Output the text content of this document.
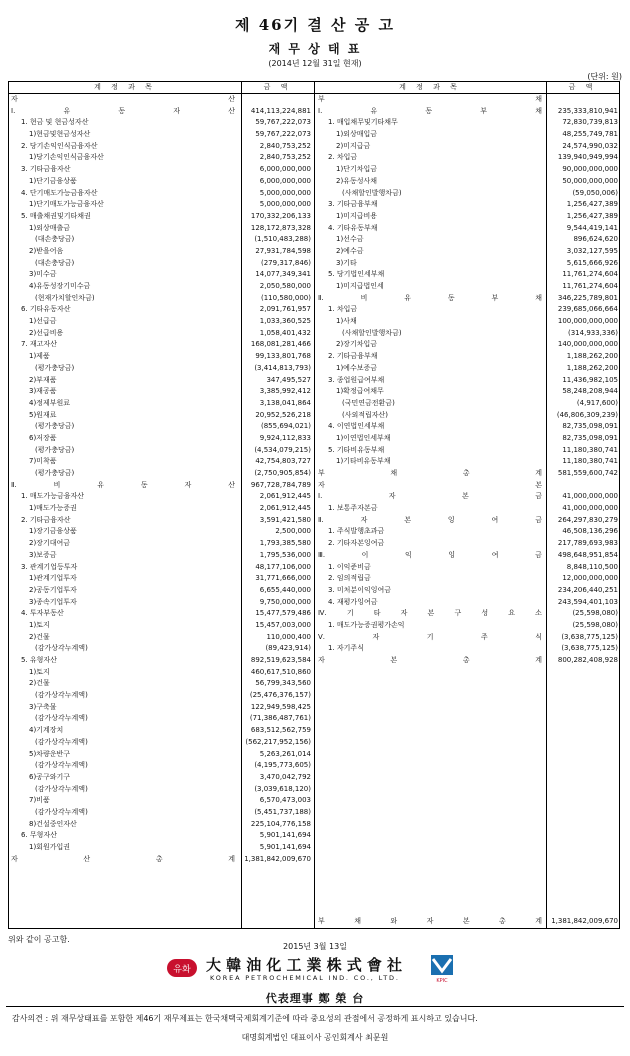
제 46기 결 산 공 고
재 무 상 태 표
(2014년 12월 31일 현재)
(단위: 원)
계 정 과 목	금 액	계 정 과 목	금 액
자	산
Ⅰ.	유	동	자	산 414,113,224,881
1. 현금 및 현금성자산	59,767,222,073
1)현금및현금성자산	59,767,222,073
2. 당기손익인식금융자산	2,840,753,252
1)당기손익인식금융자산	2,840,753,252
3. 기타금융자산	6,000,000,000
1)단기금융상품	6,000,000,000
4. 단기매도가능금융자산	5,000,000,000
1)단기매도가능금융자산	5,000,000,000
5. 매출채권및기타채권	170,332,206,133
1)외상매출금	128,172,873,328
(대손충당금)	(1,510,483,288)
2)받을어음	27,931,784,598
(대손충당금)	(279,317,846)
3)미수금	14,077,349,341
4)유동성장기미수금	2,050,580,000
(현재가치할인차금)	(110,580,000)
6. 기타유동자산	2,091,761,957
1)선급금	1,033,360,525
2)선급비용	1,058,401,432
7. 재고자산	168,081,281,466
1)제품	99,133,801,768
(평가충당금)	(3,414,813,793)
2)부재품	347,495,527
3)재공품	3,385,992,412
4)정제부원료	3,138,041,864
5)원재료	20,952,526,218
(평가충당금)	(855,694,021)
6)저장품	9,924,112,833
(평가충당금)	(4,534,079,215)
7)미착품	42,754,803,727
(평가충당금)	(2,750,905,854)
Ⅱ.	비	유	동	자	산 967,728,784,789
1. 매도가능금융자산	2,061,912,445
1)매도가능증권	2,061,912,445
2. 기타금융자산	3,591,421,580
1)장기금융상품	2,500,000
2)장기대여금	1,793,385,580
3)보증금	1,795,536,000
3. 관계기업등투자	48,177,106,000
1)관계기업투자	31,771,666,000
2)공동기업투자	6,655,440,000
3)종속기업투자	9,750,000,000
4. 투자부동산	15,477,579,486
1)토지	15,457,003,000
2)건물	110,000,400
(감가상각누계액)	(89,423,914)
5. 유형자산	892,519,623,584
1)토지	460,617,510,860
2)건물	56,799,343,560
(감가상각누계액)	(25,476,376,157)
3)구축물	122,949,598,425
(감가상각누계액)	(71,386,487,761)
4)기계장치	683,512,562,759
(감가상각누계액)	(562,217,952,156)
5)차량운반구	5,263,261,014
(감가상각누계액)	(4,195,773,605)
6)공구와기구	3,470,042,792
(감가상각누계액)	(3,039,618,120)
7)비품	6,570,473,003
(감가상각누계액)	(5,451,737,188)
8)건설중인자산	225,104,776,158
6. 무형자산	5,901,141,694
1)회원가입권	5,901,141,694
자	산	총	계 1,381,842,009,670
부	채
Ⅰ.	유	동	부	채 235,333,810,941
1. 매입채무및기타채무	72,830,739,813
1)외상매입금	48,255,749,781
2)미지급금	24,574,990,032
2. 차입금	139,940,949,994
1)단기차입금	90,000,000,000
2)유동성사채	50,000,000,000
(사채할인발행차금)	(59,050,006)
3. 기타금융부채	1,256,427,389
1)미지급비용	1,256,427,389
4. 기타유동부채	9,544,419,141
1)선수금	896,624,620
2)예수금	3,032,127,595
3)기타	5,615,666,926
5. 당기법인세부채	11,761,274,604
1)미지급법인세	11,761,274,604
Ⅱ.	비	유	동	부	채 346,225,789,801
1. 차입금	239,685,066,664
1)사채	100,000,000,000
(사채할인발행차금)	(314,933,336)
2)장기차입금	140,000,000,000
2. 기타금융부채	1,188,262,200
1)예수보증금	1,188,262,200
3. 종업원급여부채	11,436,982,105
1)확정급여채무	58,248,208,944
(국민연금전환금)	(4,917,600)
(사외적립자산)	(46,806,309,239)
4. 이연법인세부채	82,735,098,091
1)이연법인세부채	82,735,098,091
5. 기타비유동부채	11,180,380,741
1)기타비유동부채	11,180,380,741
부	채	총	계 581,559,600,742
자	본
Ⅰ.	자	본	금	41,000,000,000
1. 보통주자본금	41,000,000,000
Ⅱ.	자	본	잉	여	금 264,297,830,279
1. 주식발행초과금	46,508,136,296
2. 기타자본잉여금	217,789,693,983
Ⅲ.	이	익	잉	여	금 498,648,951,854
1. 이익준비금	8,848,110,500
2. 임의적립금	12,000,000,000
3. 미처분이익잉여금	234,206,440,251
4. 재평가잉여금	243,594,401,103
Ⅳ.	기	타	자	본	구	성	요	소	(25,598,080)
1. 매도가능증권평가손익	(25,598,080)
Ⅴ.	자	기	주	식	(3,638,775,125)
1. 자기주식	(3,638,775,125)
자	본	총	계 800,282,408,928
부	채	와	자	본	총	계 1,381,842,009,670
위와 같이 공고함.
2015년 3월 13일
유화 大韓油化工業株式會社
KOREA PETROCHEMICAL IND. CO., LTD.	KPIC
代表理事 鄭 榮 台
감사의견 : 위 재무상태표를 포함한 제46기 재무제표는 한국채택국제회계기준에 따라 중요성의 관점에서 공정하게 표시하고 있습니다.
대명회계법인 대표이사 공인회계사 최문원
